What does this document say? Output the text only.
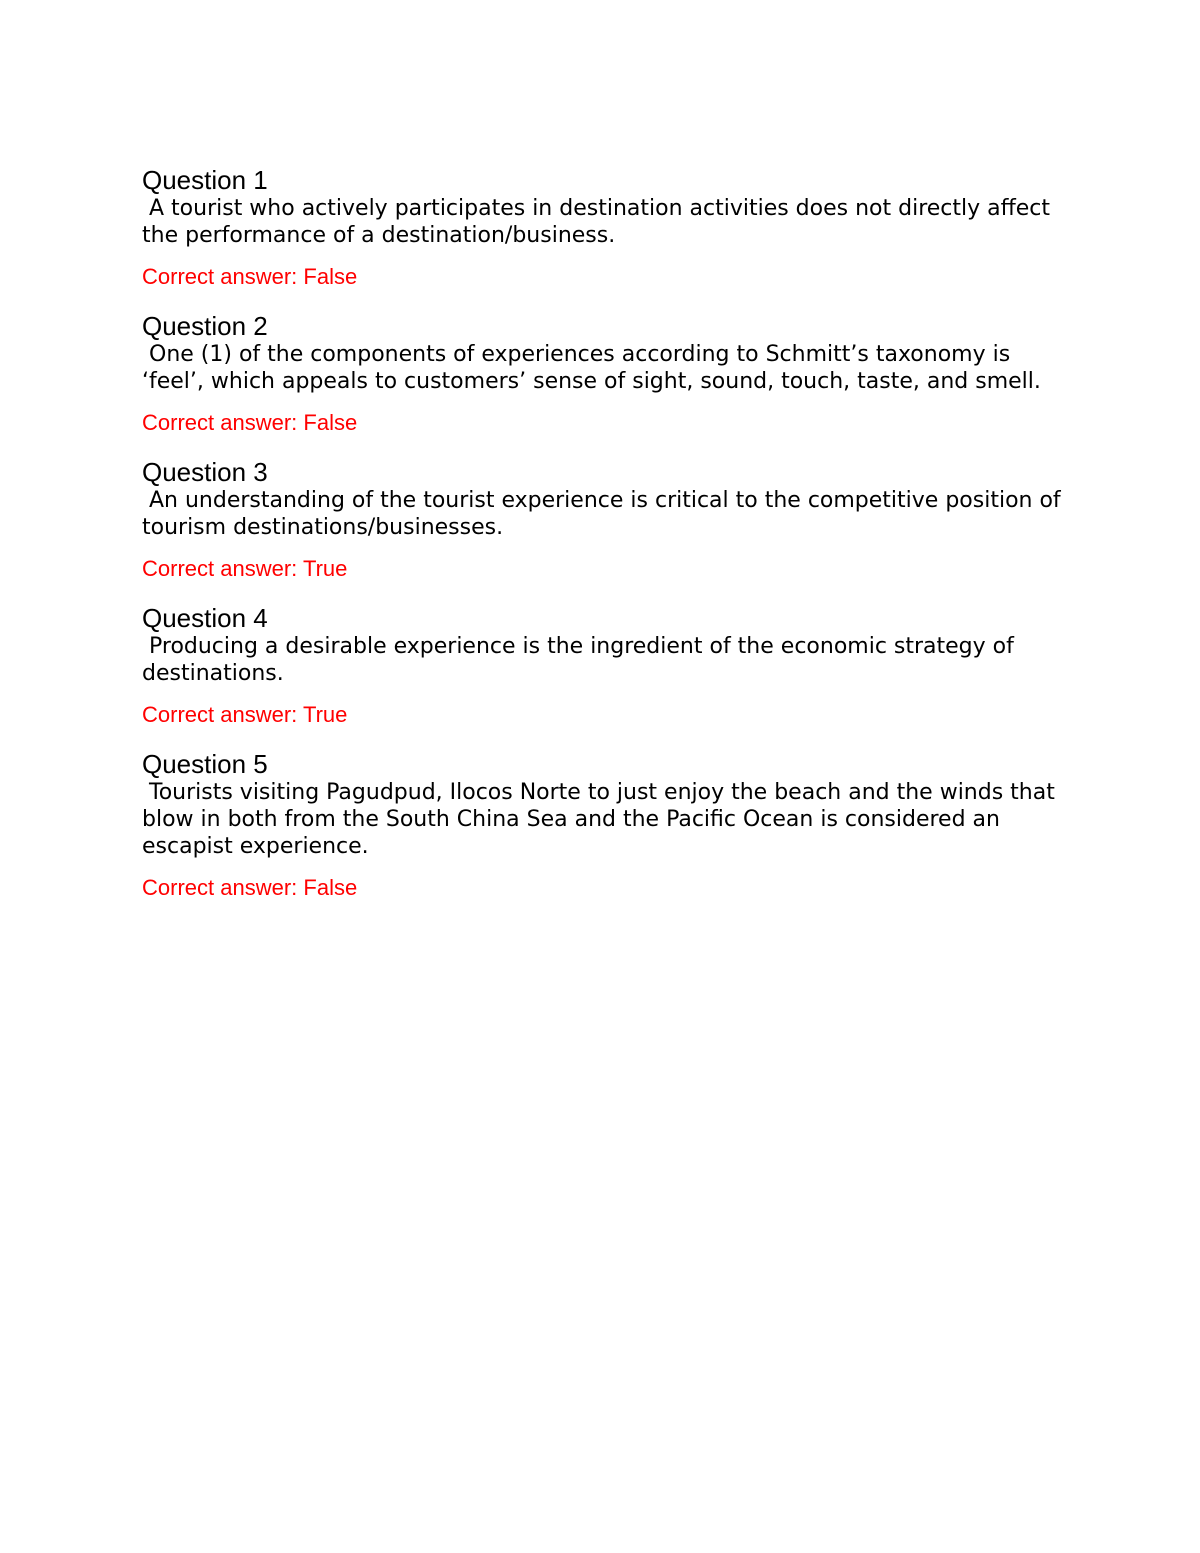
Question 1

A tourist who actively participates in destination activities does not directly affect the performance of a destination/business.

Correct answer: False

Question 2

One (1) of the components of experiences according to Schmitt’s taxonomy is ‘feel’, which appeals to customers’ sense of sight, sound, touch, taste, and smell.

Correct answer: False

Question 3

An understanding of the tourist experience is critical to the competitive position of tourism destinations/businesses.

Correct answer: True

Question 4

Producing a desirable experience is the ingredient of the economic strategy of destinations.

Correct answer: True

Question 5

Tourists visiting Pagudpud, Ilocos Norte to just enjoy the beach and the winds that blow in both from the South China Sea and the Pacific Ocean is considered an escapist experience.

Correct answer: False
